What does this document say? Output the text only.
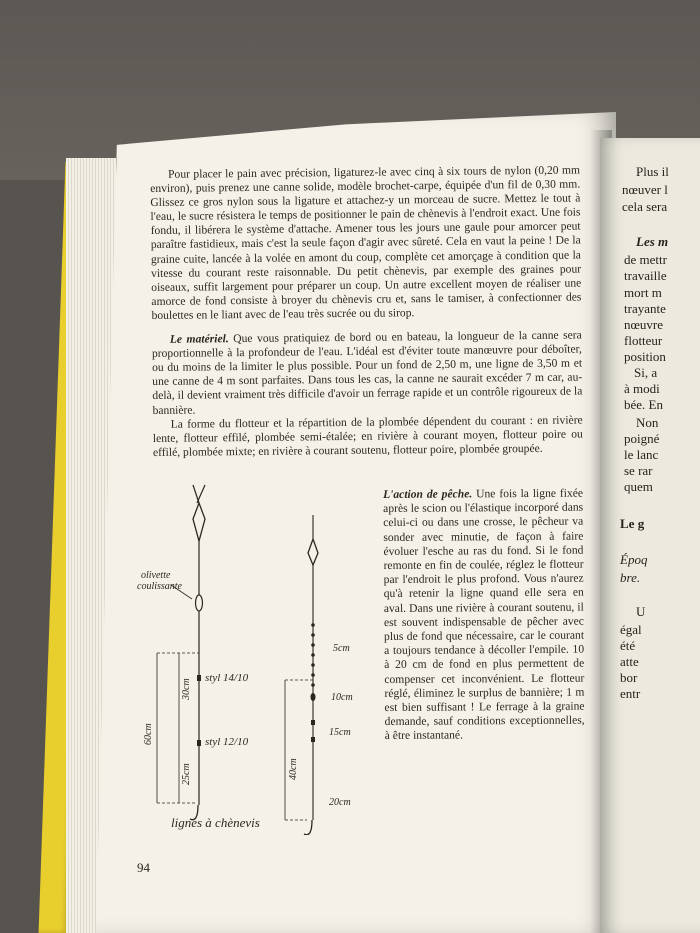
Plus il
nœuver l
cela sera
Les m
de mettr
travaille
mort m
trayante
nœuvre
flotteur
position
Si, a
à modi
bée. En
Non
poigné
le lanc
se rar
quem
Le g
Époq
bre.
U
égal
été
atte
bor
entr

Pour placer le pain avec précision, ligaturez-le avec cinq à six tours de nylon (0,20 mm environ), puis prenez une canne solide, modèle brochet-carpe, équipée d'un fil de 0,30 mm. Glissez ce gros nylon sous la ligature et attachez-y un morceau de sucre. Mettez le tout à l'eau, le sucre résistera le temps de positionner le pain de chènevis à l'endroit exact. Une fois fondu, il libérera le système d'attache. Amener tous les jours une gaule pour amorcer peut paraître fastidieux, mais c'est la seule façon d'agir avec sûreté. Cela en vaut la peine ! De la graine cuite, lancée à la volée en amont du coup, complète cet amorçage à condition que la vitesse du courant reste raisonnable. Du petit chènevis, par exemple des graines pour oiseaux, suffit largement pour préparer un coup. Un autre excellent moyen de réaliser une amorce de fond consiste à broyer du chènevis cru et, sans le tamiser, à confectionner des boulettes en le liant avec de l'eau très sucrée ou du sirop.

Le matériel. Que vous pratiquiez de bord ou en bateau, la longueur de la canne sera proportionnelle à la profondeur de l'eau. L'idéal est d'éviter toute manœuvre pour déboîter, ou du moins de la limiter le plus possible. Pour un fond de 2,50 m, une ligne de 3,50 m et une canne de 4 m sont parfaites. Dans tous les cas, la canne ne saurait excéder 7 m car, au-delà, il devient vraiment très difficile d'avoir un ferrage rapide et un contrôle rigoureux de la bannière.

La forme du flotteur et la répartition de la plombée dépendent du courant : en rivière lente, flotteur effilé, plombée semi-étalée; en rivière à courant moyen, flotteur poire ou effilé, plombée mixte; en rivière à courant soutenu, flotteur poire, plombée groupée.

olivette
coulissante
styl 14/10
styl 12/10
60cm
30cm
25cm	40cm
5cm
10cm
15cm
20cm
lignes à chènevis
L'action de pêche. Une fois la ligne fixée après le scion ou l'élastique incorporé dans celui-ci ou dans une crosse, le pêcheur va sonder avec minutie, de façon à faire évoluer l'esche au ras du fond. Si le fond remonte en fin de coulée, réglez le flotteur par l'endroit le plus profond. Vous n'aurez qu'à retenir la ligne quand elle sera en aval. Dans une rivière à courant soutenu, il est souvent indispensable de pêcher avec plus de fond que nécessaire, car le courant a toujours tendance à décoller l'empile. 10 à 20 cm de fond en plus permettent de compenser cet inconvénient. Le flotteur réglé, éliminez le surplus de bannière; 1 m est bien suffisant ! Le ferrage à la graine demande, sauf conditions exceptionnelles, à être instantané.
94
